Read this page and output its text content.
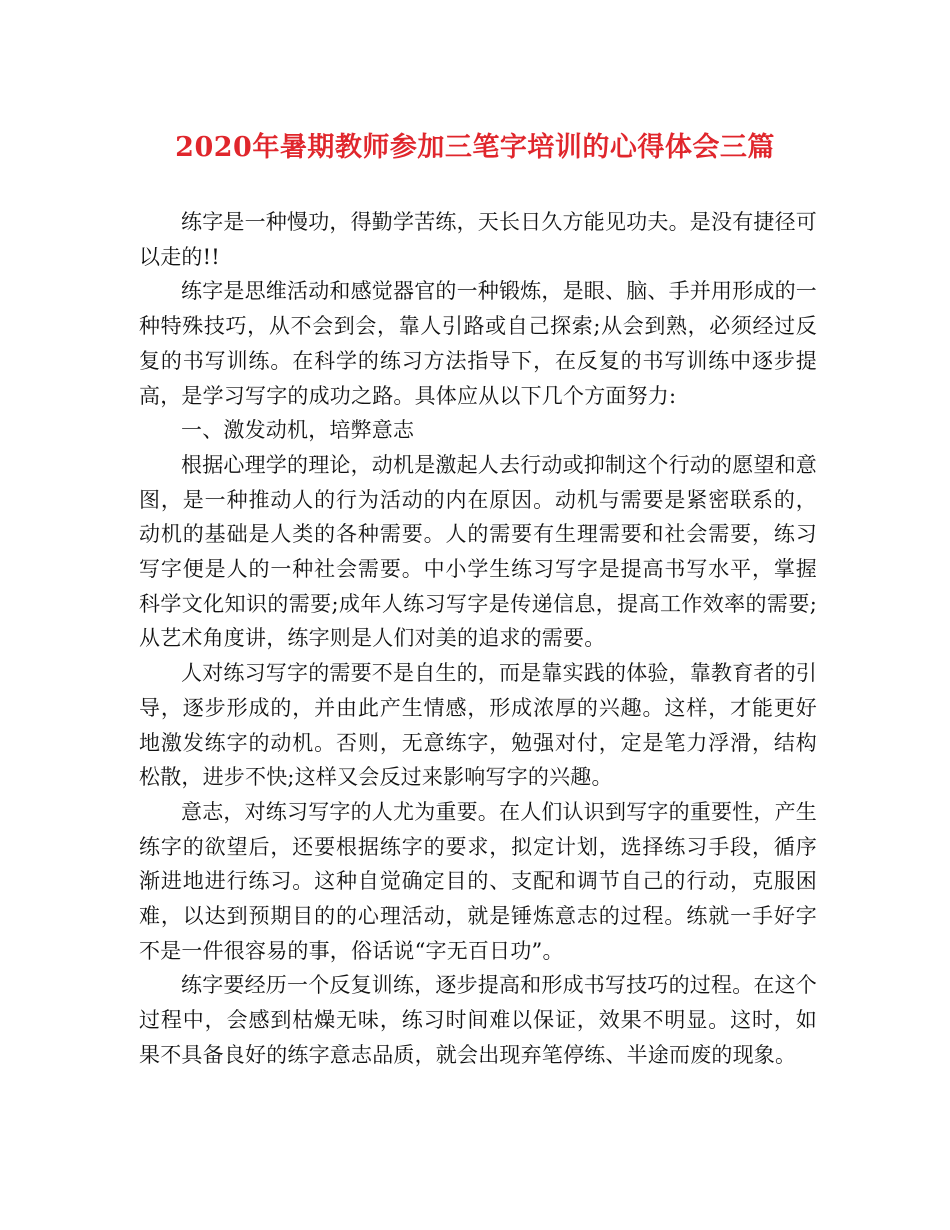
2020年暑期教师参加三笔字培训的心得体会三篇

练字是一种慢功，得勤学苦练，天长日久方能见功夫。是没有捷径可以走的!!

练字是思维活动和感觉器官的一种锻炼，是眼、脑、手并用形成的一种特殊技巧，从不会到会，靠人引路或自己探索;从会到熟，必须经过反复的书写训练。在科学的练习方法指导下，在反复的书写训练中逐步提高，是学习写字的成功之路。具体应从以下几个方面努力:

一、激发动机，培弊意志

根据心理学的理论，动机是激起人去行动或抑制这个行动的愿望和意图，是一种推动人的行为活动的内在原因。动机与需要是紧密联系的，动机的基础是人类的各种需要。人的需要有生理需要和社会需要，练习写字便是人的一种社会需要。中小学生练习写字是提高书写水平，掌握科学文化知识的需要;成年人练习写字是传递信息，提高工作效率的需要;从艺术角度讲，练字则是人们对美的追求的需要。

人对练习写字的需要不是自生的，而是靠实践的体验，靠教育者的引导，逐步形成的，并由此产生情感，形成浓厚的兴趣。这样，才能更好地激发练字的动机。否则，无意练字，勉强对付，定是笔力浮滑，结构松散，进步不快;这样又会反过来影响写字的兴趣。

意志，对练习写字的人尤为重要。在人们认识到写字的重要性，产生练字的欲望后，还要根据练字的要求，拟定计划，选择练习手段，循序渐进地进行练习。这种自觉确定目的、支配和调节自己的行动，克服困难，以达到预期目的的心理活动，就是锤炼意志的过程。练就一手好字不是一件很容易的事，俗话说“字无百日功”。

练字要经历一个反复训练，逐步提高和形成书写技巧的过程。在这个过程中，会感到枯燥无味，练习时间难以保证，效果不明显。这时，如果不具备良好的练字意志品质，就会出现弃笔停练、半途而废的现象。
